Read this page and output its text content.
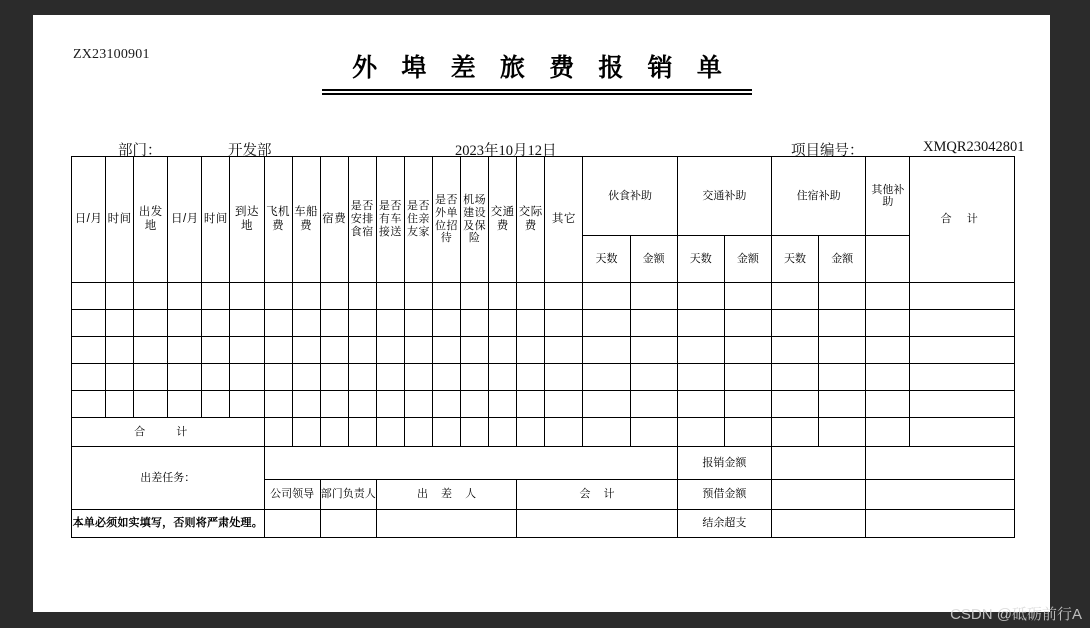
ZX23100901
外 埠 差 旅 费 报 销 单
部门：	开发部	2023年10月12日	项目编号：	XMQR23042801
日/月	时间	出发地	日/月	时间	到达地	飞机费	车船费	宿费	是否安排食宿	是否有车接送	是否住亲友家	是否外单位招待	机场建设及保险	交通费	交际费	其它	伙食补助		交通补助		住宿补助		其他补助	合 计
																	天数	金额	天数	金额	天数	金额		

合 计																								
出差任务：																			报销金额					
						公司领导		部门负责人		出 差 人					会 计				预借金额					
本单必须如实填写，否则将严肃处理。																			结余超支					
CSDN @砥砺前行A
